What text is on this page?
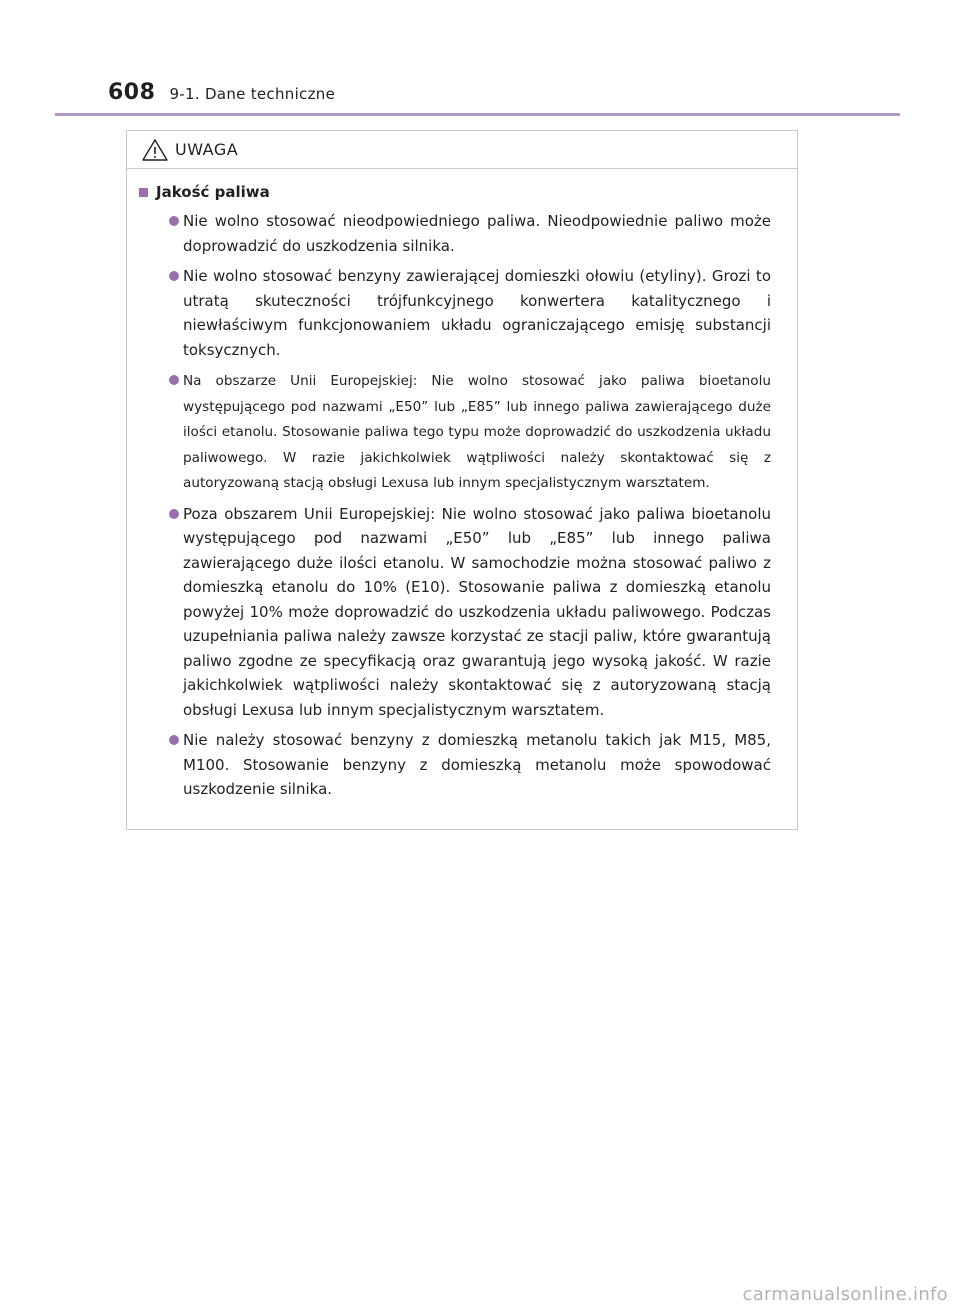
608 9-1. Dane techniczne
UWAGA
Jakość paliwa
Nie wolno stosować nieodpowiedniego paliwa. Nieodpowiednie paliwo może doprowadzić do uszkodzenia silnika.
Nie wolno stosować benzyny zawierającej domieszki ołowiu (etyliny). Grozi to utratą skuteczności trójfunkcyjnego konwertera katalitycznego i niewłaściwym funkcjonowaniem układu ograniczającego emisję substancji toksycznych.
Na obszarze Unii Europejskiej: Nie wolno stosować jako paliwa bioetanolu występującego pod nazwami „E50” lub „E85” lub innego paliwa zawierającego duże ilości etanolu. Stosowanie paliwa tego typu może doprowadzić do uszkodzenia układu paliwowego. W razie jakichkolwiek wątpliwości należy skontaktować się z autoryzowaną stacją obsługi Lexusa lub innym specjalistycznym warsztatem.
Poza obszarem Unii Europejskiej: Nie wolno stosować jako paliwa bioetanolu występującego pod nazwami „E50” lub „E85” lub innego paliwa zawierającego duże ilości etanolu. W samochodzie można stosować paliwo z domieszką etanolu do 10% (E10). Stosowanie paliwa z domieszką etanolu powyżej 10% może doprowadzić do uszkodzenia układu paliwowego. Podczas uzupełniania paliwa należy zawsze korzystać ze stacji paliw, które gwarantują paliwo zgodne ze specyfikacją oraz gwarantują jego wysoką jakość. W razie jakichkolwiek wątpliwości należy skontaktować się z autoryzowaną stacją obsługi Lexusa lub innym specjalistycznym warsztatem.
Nie należy stosować benzyny z domieszką metanolu takich jak M15, M85, M100. Stosowanie benzyny z domieszką metanolu może spowodować uszkodzenie silnika.
carmanualsonline.info
